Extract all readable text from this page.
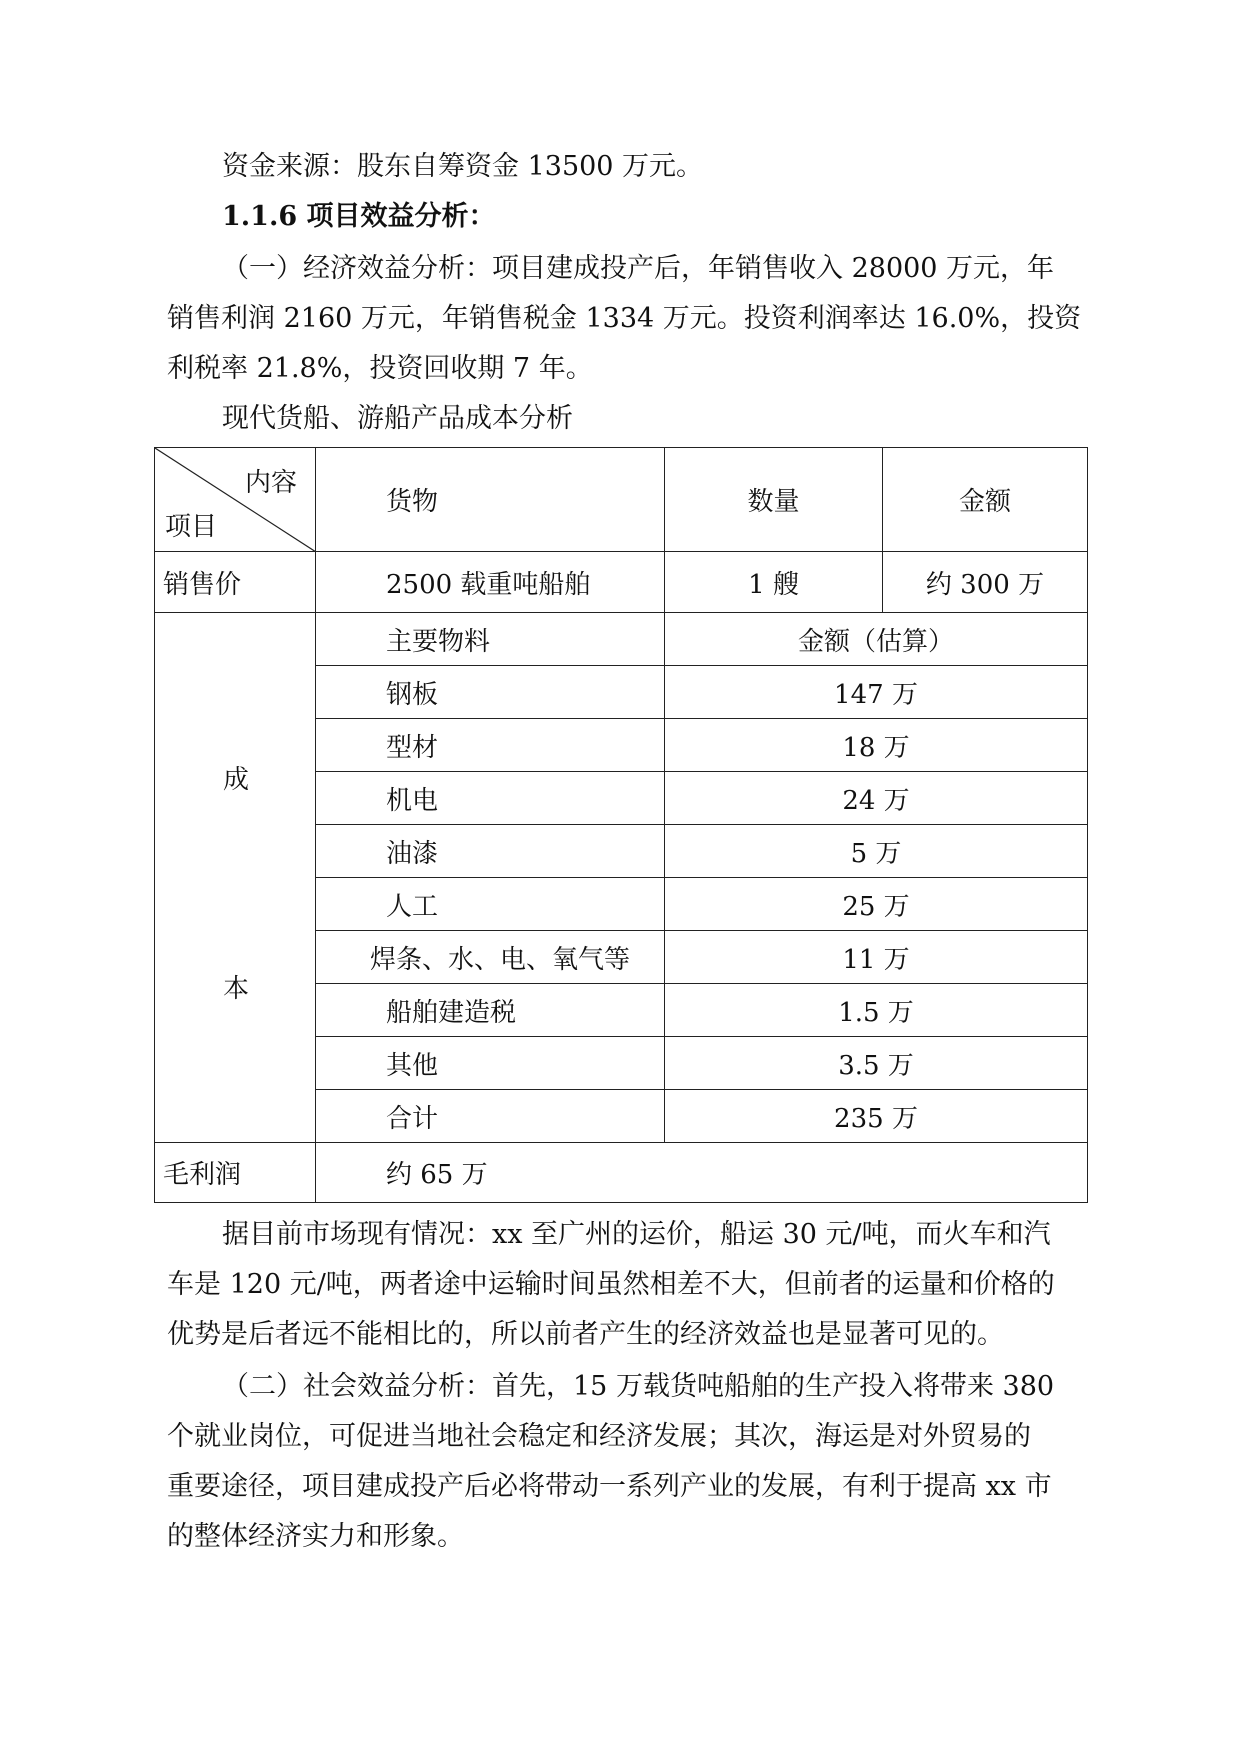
资金来源：股东自筹资金 13500 万元。
1.1.6 项目效益分析：
（一）经济效益分析：项目建成投产后，年销售收入 28000 万元，年
销售利润 2160 万元，年销售税金 1334 万元。投资利润率达 16.0%，投资
利税率 21.8%，投资回收期 7 年。
现代货船、游船产品成本分析
内容
项目	货物	数量	金额
销售价	2500 载重吨船舶	1 艘	约 300 万

成
本	主要物料	金额（估算）	
	钢板	147 万	
	型材	18 万	
	机电	24 万	
	油漆	5 万	
	人工	25 万	
	焊条、水、电、氧气等	11 万	
	船舶建造税	1.5 万	
	其他	3.5 万	
	合计	235 万	
毛利润	约 65 万		
据目前市场现有情况：xx 至广州的运价，船运 30 元/吨，而火车和汽
车是 120 元/吨，两者途中运输时间虽然相差不大，但前者的运量和价格的
优势是后者远不能相比的，所以前者产生的经济效益也是显著可见的。
（二）社会效益分析：首先，15 万载货吨船舶的生产投入将带来 380
个就业岗位，可促进当地社会稳定和经济发展；其次，海运是对外贸易的
重要途径，项目建成投产后必将带动一系列产业的发展，有利于提高 xx 市
的整体经济实力和形象。
